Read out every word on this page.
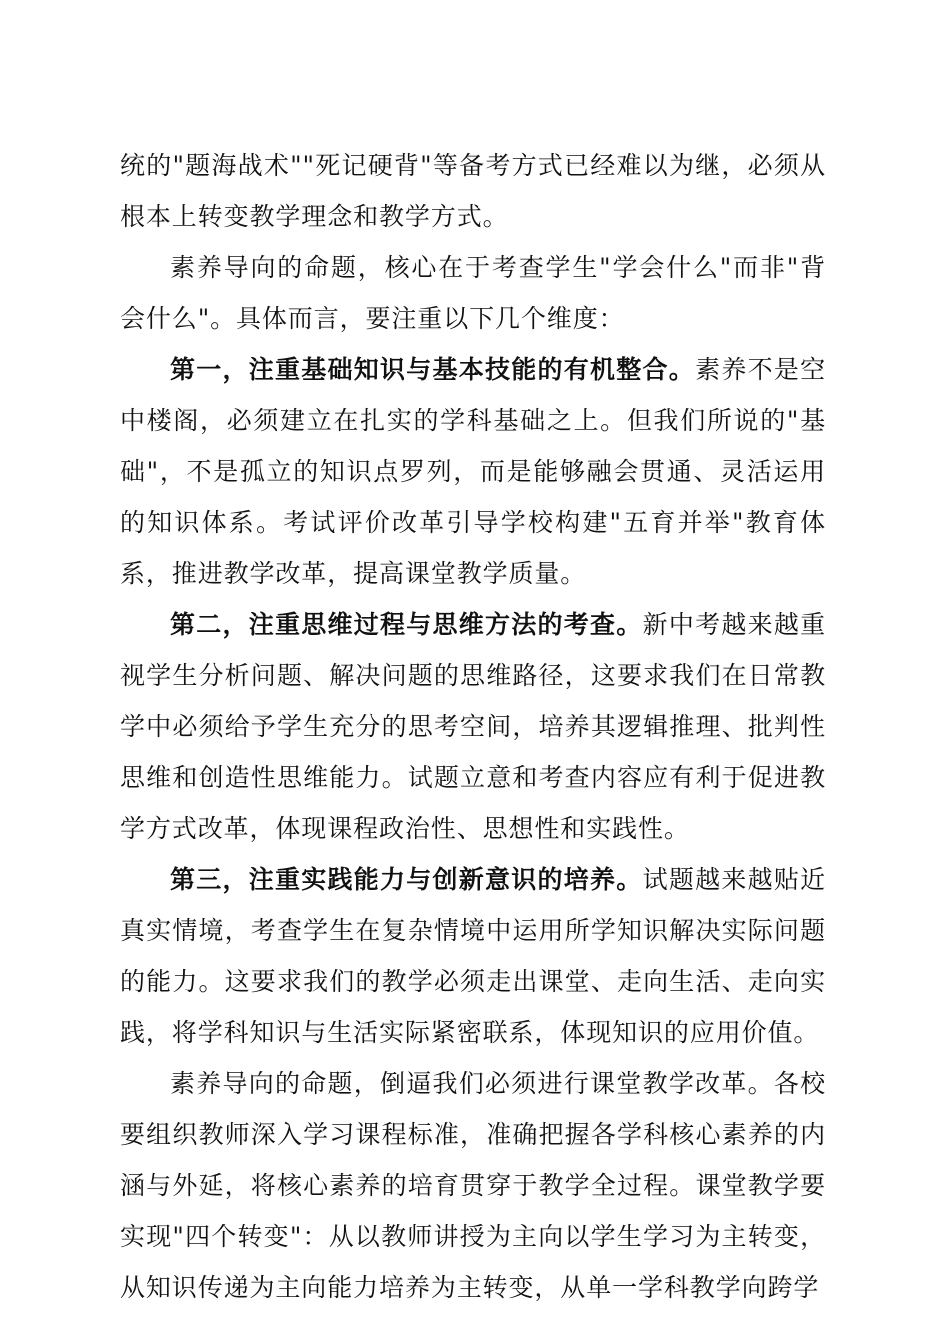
统的"题海战术""死记硬背"等备考方式已经难以为继，必须从根本上转变教学理念和教学方式。

素养导向的命题，核心在于考查学生"学会什么"而非"背会什么"。具体而言，要注重以下几个维度：

第一，注重基础知识与基本技能的有机整合。素养不是空中楼阁，必须建立在扎实的学科基础之上。但我们所说的"基础"，不是孤立的知识点罗列，而是能够融会贯通、灵活运用的知识体系。考试评价改革引导学校构建"五育并举"教育体系，推进教学改革，提高课堂教学质量。

第二，注重思维过程与思维方法的考查。新中考越来越重视学生分析问题、解决问题的思维路径，这要求我们在日常教学中必须给予学生充分的思考空间，培养其逻辑推理、批判性思维和创造性思维能力。试题立意和考查内容应有利于促进教学方式改革，体现课程政治性、思想性和实践性。

第三，注重实践能力与创新意识的培养。试题越来越贴近真实情境，考查学生在复杂情境中运用所学知识解决实际问题的能力。这要求我们的教学必须走出课堂、走向生活、走向实践，将学科知识与生活实际紧密联系，体现知识的应用价值。

素养导向的命题，倒逼我们必须进行课堂教学改革。各校要组织教师深入学习课程标准，准确把握各学科核心素养的内涵与外延，将核心素养的培育贯穿于教学全过程。课堂教学要实现"四个转变"：从以教师讲授为主向以学生学习为主转变，从知识传递为主向能力培养为主转变，从单一学科教学向跨学
